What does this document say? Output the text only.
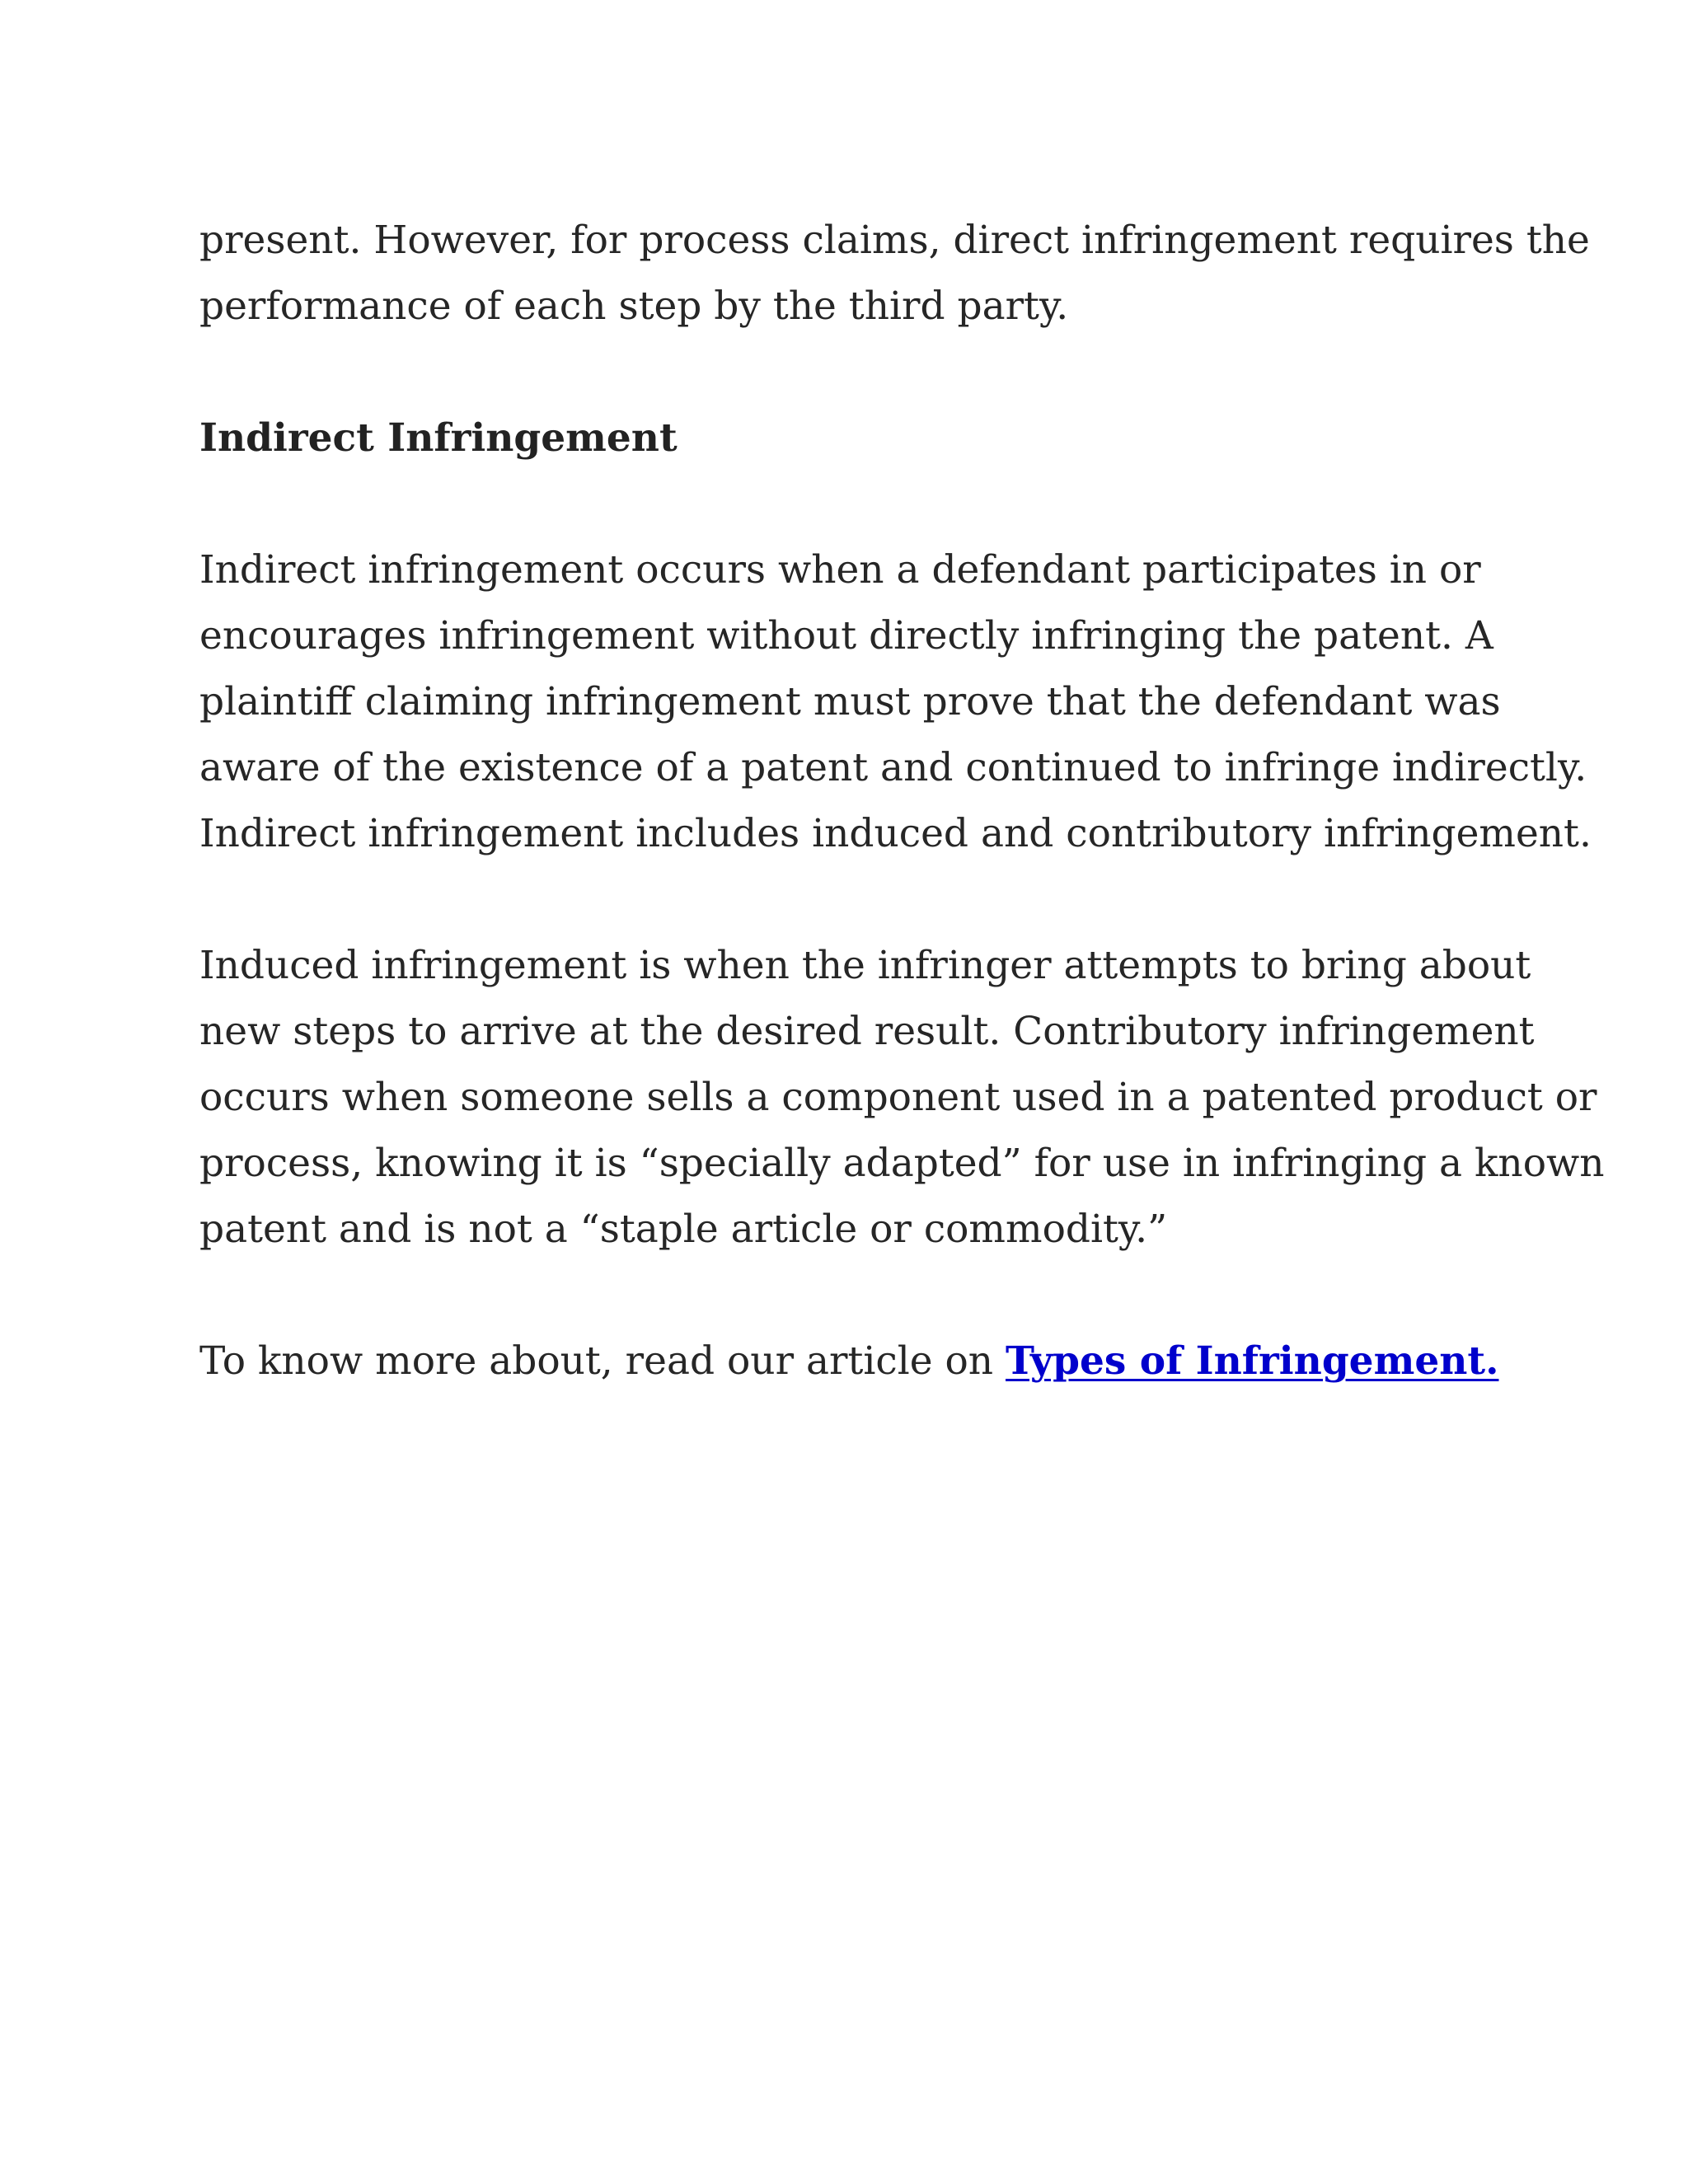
present. However, for process claims, direct infringement requires the
performance of each step by the third party.

Indirect Infringement

Indirect infringement occurs when a defendant participates in or
encourages infringement without directly infringing the patent. A
plaintiff claiming infringement must prove that the defendant was
aware of the existence of a patent and continued to infringe indirectly.
Indirect infringement includes induced and contributory infringement.

Induced infringement is when the infringer attempts to bring about
new steps to arrive at the desired result. Contributory infringement
occurs when someone sells a component used in a patented product or
process, knowing it is “specially adapted” for use in infringing a known
patent and is not a “staple article or commodity.”

To know more about, read our article on Types of Infringement.
